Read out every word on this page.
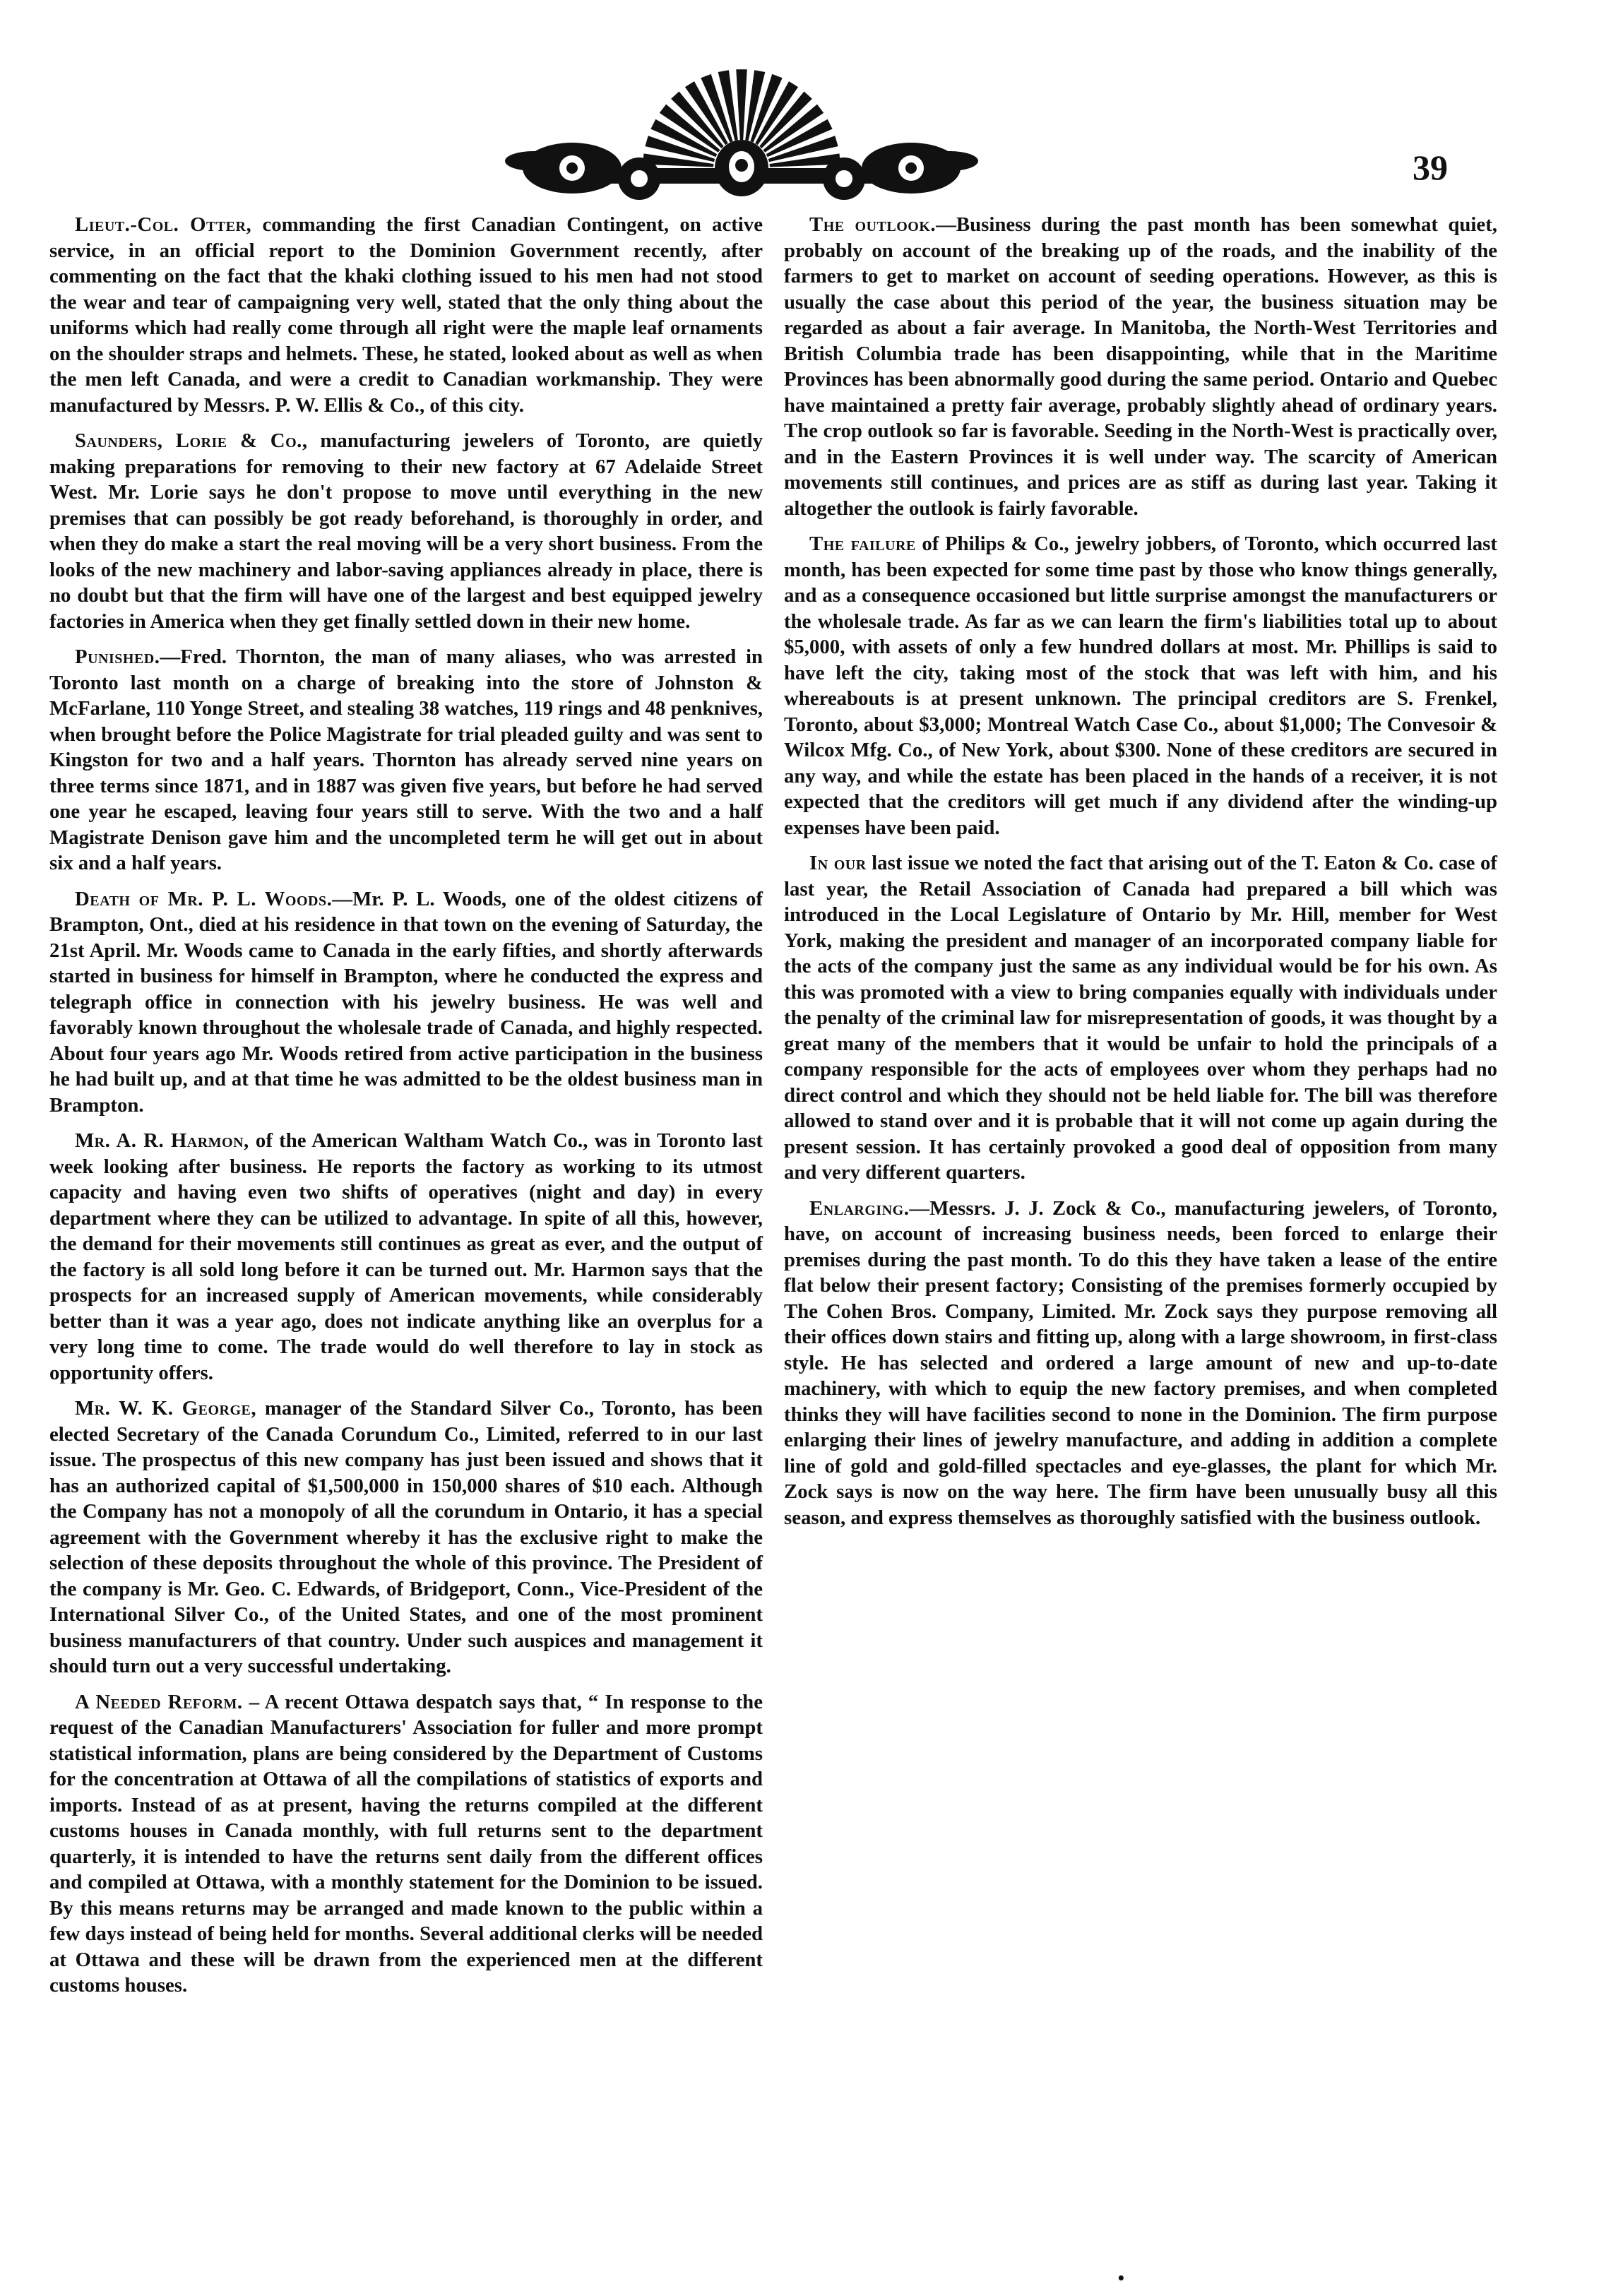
39

Lieut.-Col. Otter, commanding the first Canadian Contingent, on active service, in an official report to the Dominion Government recently, after commenting on the fact that the khaki clothing issued to his men had not stood the wear and tear of campaigning very well, stated that the only thing about the uniforms which had really come through all right were the maple leaf ornaments on the shoulder straps and helmets. These, he stated, looked about as well as when the men left Canada, and were a credit to Canadian workmanship. They were manufactured by Messrs. P. W. Ellis & Co., of this city.

Saunders, Lorie & Co., manufacturing jewelers of Toronto, are quietly making preparations for removing to their new factory at 67 Adelaide Street West. Mr. Lorie says he don't propose to move until everything in the new premises that can possibly be got ready beforehand, is thoroughly in order, and when they do make a start the real moving will be a very short business. From the looks of the new machinery and labor-saving appliances already in place, there is no doubt but that the firm will have one of the largest and best equipped jewelry factories in America when they get finally settled down in their new home.

Punished.—Fred. Thornton, the man of many aliases, who was arrested in Toronto last month on a charge of breaking into the store of Johnston & McFarlane, 110 Yonge Street, and stealing 38 watches, 119 rings and 48 penknives, when brought before the Police Magistrate for trial pleaded guilty and was sent to Kingston for two and a half years. Thornton has already served nine years on three terms since 1871, and in 1887 was given five years, but before he had served one year he escaped, leaving four years still to serve. With the two and a half Magistrate Denison gave him and the uncompleted term he will get out in about six and a half years.

Death of Mr. P. L. Woods.—Mr. P. L. Woods, one of the oldest citizens of Brampton, Ont., died at his residence in that town on the evening of Saturday, the 21st April. Mr. Woods came to Canada in the early fifties, and shortly afterwards started in business for himself in Brampton, where he conducted the express and telegraph office in connection with his jewelry business. He was well and favorably known throughout the wholesale trade of Canada, and highly respected. About four years ago Mr. Woods retired from active participation in the business he had built up, and at that time he was admitted to be the oldest business man in Brampton.

Mr. A. R. Harmon, of the American Waltham Watch Co., was in Toronto last week looking after business. He reports the factory as working to its utmost capacity and having even two shifts of operatives (night and day) in every department where they can be utilized to advantage. In spite of all this, however, the demand for their movements still continues as great as ever, and the output of the factory is all sold long before it can be turned out. Mr. Harmon says that the prospects for an increased supply of American movements, while considerably better than it was a year ago, does not indicate anything like an overplus for a very long time to come. The trade would do well therefore to lay in stock as opportunity offers.

Mr. W. K. George, manager of the Standard Silver Co., Toronto, has been elected Secretary of the Canada Corundum Co., Limited, referred to in our last issue. The prospectus of this new company has just been issued and shows that it has an authorized capital of $1,500,000 in 150,000 shares of $10 each. Although the Company has not a monopoly of all the corundum in Ontario, it has a special agreement with the Government whereby it has the exclusive right to make the selection of these deposits throughout the whole of this province. The President of the company is Mr. Geo. C. Edwards, of Bridgeport, Conn., Vice-President of the International Silver Co., of the United States, and one of the most prominent business manufacturers of that country. Under such auspices and management it should turn out a very successful undertaking.

A Needed Reform. – A recent Ottawa despatch says that, “ In response to the request of the Canadian Manufacturers' Association for fuller and more prompt statistical information, plans are being considered by the Department of Customs for the concentration at Ottawa of all the compilations of statistics of exports and imports. Instead of as at present, having the returns compiled at the different customs houses in Canada monthly, with full returns sent to the department quarterly, it is intended to have the returns sent daily from the different offices and compiled at Ottawa, with a monthly statement for the Dominion to be issued. By this means returns may be arranged and made known to the public within a few days instead of being held for months. Several additional clerks will be needed at Ottawa and these will be drawn from the experienced men at the different customs houses.

The outlook.—Business during the past month has been somewhat quiet, probably on account of the breaking up of the roads, and the inability of the farmers to get to market on account of seeding operations. However, as this is usually the case about this period of the year, the business situation may be regarded as about a fair average. In Manitoba, the North-West Territories and British Columbia trade has been disappointing, while that in the Maritime Provinces has been abnormally good during the same period. Ontario and Quebec have maintained a pretty fair average, probably slightly ahead of ordinary years. The crop outlook so far is favorable. Seeding in the North-West is practically over, and in the Eastern Provinces it is well under way. The scarcity of American movements still continues, and prices are as stiff as during last year. Taking it altogether the outlook is fairly favorable.

The failure of Philips & Co., jewelry jobbers, of Toronto, which occurred last month, has been expected for some time past by those who know things generally, and as a consequence occasioned but little surprise amongst the manufacturers or the wholesale trade. As far as we can learn the firm's liabilities total up to about $5,000, with assets of only a few hundred dollars at most. Mr. Phillips is said to have left the city, taking most of the stock that was left with him, and his whereabouts is at present unknown. The principal creditors are S. Frenkel, Toronto, about $3,000; Montreal Watch Case Co., about $1,000; The Convesoir & Wilcox Mfg. Co., of New York, about $300. None of these creditors are secured in any way, and while the estate has been placed in the hands of a receiver, it is not expected that the creditors will get much if any dividend after the winding-up expenses have been paid.

In our last issue we noted the fact that arising out of the T. Eaton & Co. case of last year, the Retail Association of Canada had prepared a bill which was introduced in the Local Legislature of Ontario by Mr. Hill, member for West York, making the president and manager of an incorporated company liable for the acts of the company just the same as any individual would be for his own. As this was promoted with a view to bring companies equally with individuals under the penalty of the criminal law for misrepresentation of goods, it was thought by a great many of the members that it would be unfair to hold the principals of a company responsible for the acts of employees over whom they perhaps had no direct control and which they should not be held liable for. The bill was therefore allowed to stand over and it is probable that it will not come up again during the present session. It has certainly provoked a good deal of opposition from many and very different quarters.

Enlarging.—Messrs. J. J. Zock & Co., manufacturing jewelers, of Toronto, have, on account of increasing business needs, been forced to enlarge their premises during the past month. To do this they have taken a lease of the entire flat below their present factory; Consisting of the premises formerly occupied by The Cohen Bros. Company, Limited. Mr. Zock says they purpose removing all their offices down stairs and fitting up, along with a large showroom, in first-class style. He has selected and ordered a large amount of new and up-to-date machinery, with which to equip the new factory premises, and when completed thinks they will have facilities second to none in the Dominion. The firm purpose enlarging their lines of jewelry manufacture, and adding in addition a complete line of gold and gold-filled spectacles and eye-glasses, the plant for which Mr. Zock says is now on the way here. The firm have been unusually busy all this season, and express themselves as thoroughly satisfied with the business outlook.

·
